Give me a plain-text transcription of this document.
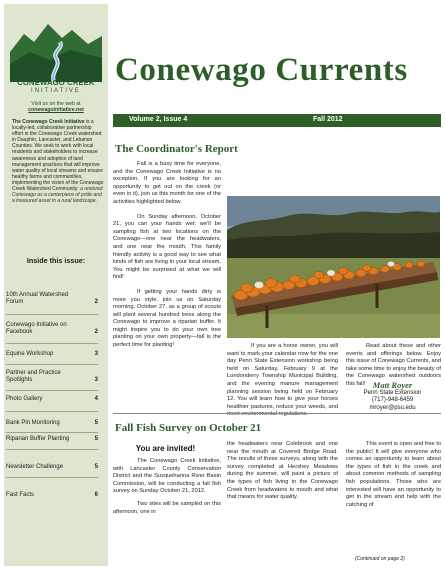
CONEWAGO CREEK
INITIATIVE
Visit us on the web at
conewagoinitiative.net
The Conewago Creek Initiative is a locally-led, collaborative partnership effort in the Conewago Creek watershed in Dauphin, Lancaster, and Lebanon Counties. We seek to work with local residents and stakeholders to increase awareness and adoption of land management practices that will improve water quality of local streams and ensure healthy farms and communities, implementing the vision of the Conewago Creek Watershed Community: a restored Conewago as a centerpiece of pride and a treasured asset in a rural landscape.
Inside this issue:
10th Annual Watershed Forum	2
Conewago Initiative on Facebook	2
Equine Workshop	3
Partner and Practice Spotlights	3
Photo Gallery	4
Bank Pin Monitoring	5
Riparian Buffer Planting	5
Newsletter Challenge	5
Fast Facts	6
Conewago Currents
Volume 2, Issue 4	Fall 2012
The Coordinator's Report

Fall is a busy time for everyone, and the Conewago Creek Initiative is no exception. If you are looking for an opportunity to get out on the creek (or even in it), join us this month for one of the activities highlighted below.

On Sunday afternoon, October 21, you can your hands wet: we'll be sampling fish at two locations on the Conewago—one near the headwaters, and one near the mouth. This family friendly activity is a good way to see what kinds of fish are living in your local stream. You might be surprised at what we will find!

If getting your hands dirty is more you style, join us on Saturday morning, October 27, as a group of scouts will plant several hundred trees along the Conewago to improve a riparian buffer. It might inspire you to do your own tree planting on your own property—fall is the perfect time for planting!	If you are a horse owner, you will want to mark your calendar now for the one day Penn State Extension workshop being held on Saturday, February 9 at the Londonderry Township Municipal Building, and the evening manure management planning session being held on February 12. You will learn how to give your horses healthier pastures, reduce your weeds, and meet environmental regulations.

Read about these and other events and offerings below. Enjoy this issue of Conewago Currents, and take some time to enjoy the beauty of the Conewago watershed outdoors this fall! Matt Royer
Penn State Extension
(717)-948-6459
mroyer@psu.edu
Fall Fish Survey on October 21
You are invited!

The Conewago Creek Initiative, with Lancaster County Conservation District and the Susquehanna River Basin Commission, will be conducting a fall fish survey on Sunday October 21, 2012.

Two sites will be sampled on this afternoon, one in

the headwaters near Colebrook and one near the mouth at Covered Bridge Road. The results of these surveys, along with the survey completed at Hershey Meadows during the summer, will paint a picture of the types of fish living in the Conewago Creek from headwaters to mouth and what that means for water quality.

This event is open and free to the public! It will give everyone who comes an opportunity to learn about the types of fish in the creek and about common methods of sampling fish populations. Those who are interested will have an opportunity to get in the stream and help with the catching of

(Continued on page 2)
